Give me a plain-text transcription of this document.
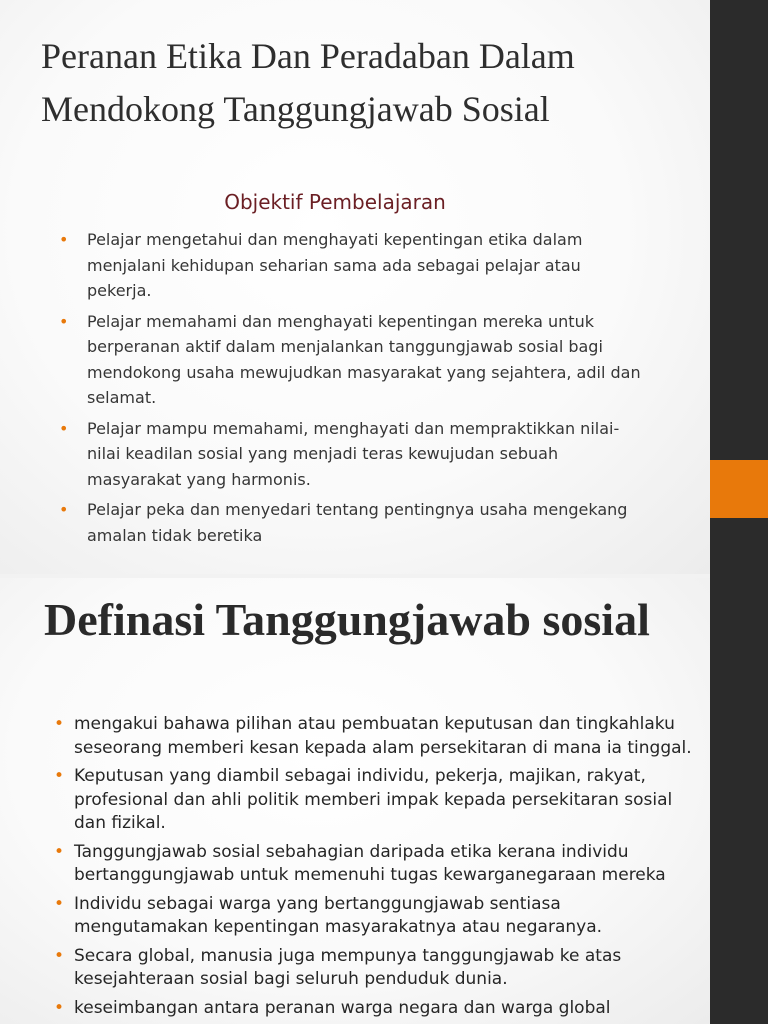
Peranan Etika Dan Peradaban Dalam Mendokong Tanggungjawab Sosial
Objektif Pembelajaran
• Pelajar mengetahui dan menghayati kepentingan etika dalam menjalani kehidupan seharian sama ada sebagai pelajar atau pekerja.
• Pelajar memahami dan menghayati kepentingan mereka untuk berperanan aktif dalam menjalankan tanggungjawab sosial bagi mendokong usaha mewujudkan masyarakat yang sejahtera, adil dan selamat.
• Pelajar mampu memahami, menghayati dan mempraktikkan nilai-nilai keadilan sosial yang menjadi teras kewujudan sebuah masyarakat yang harmonis.
• Pelajar peka dan menyedari tentang pentingnya usaha mengekang amalan tidak beretika
Definasi Tanggungjawab sosial
• mengakui bahawa pilihan atau pembuatan keputusan dan tingkahlaku seseorang memberi kesan kepada alam persekitaran di mana ia tinggal.
• Keputusan yang diambil sebagai individu, pekerja, majikan, rakyat, profesional dan ahli politik memberi impak kepada persekitaran sosial dan fizikal.
• Tanggungjawab sosial sebahagian daripada etika kerana individu bertanggungjawab untuk memenuhi tugas kewarganegaraan mereka
• Individu sebagai warga yang bertanggungjawab sentiasa mengutamakan kepentingan masyarakatnya atau negaranya.
• Secara global, manusia juga mempunya tanggungjawab ke atas kesejahteraan sosial bagi seluruh penduduk dunia.
• keseimbangan antara peranan warga negara dan warga global
